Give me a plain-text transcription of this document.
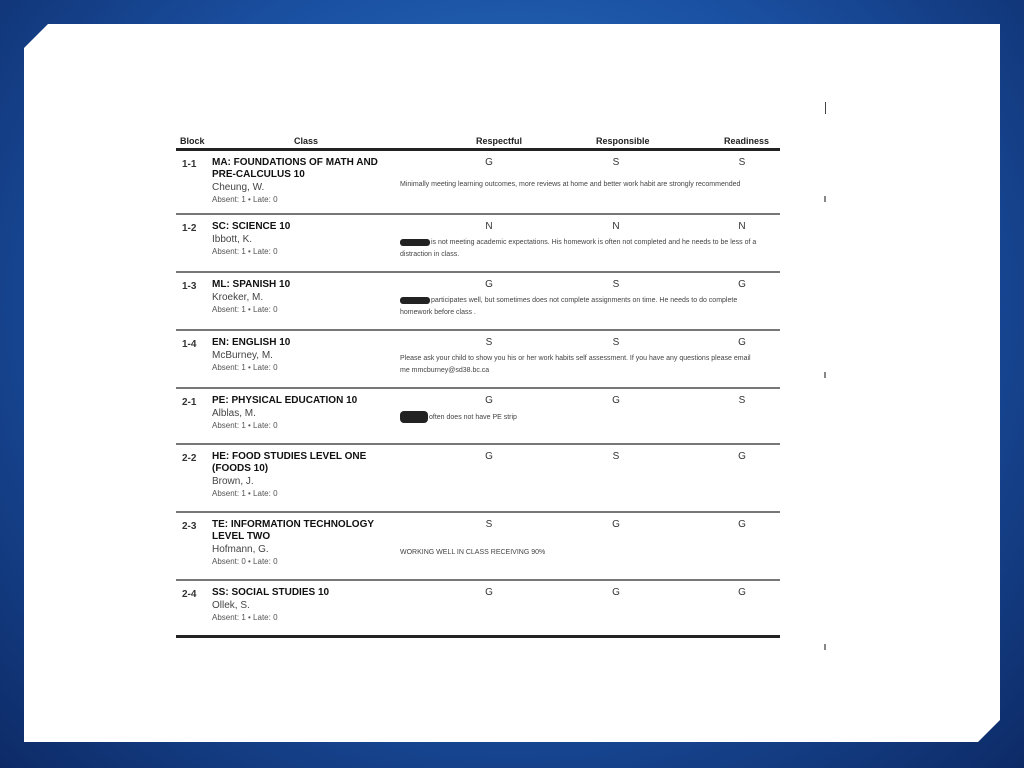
Block	Class	Respectful	Responsible	Readiness
1-1 MA: FOUNDATIONS OF MATH AND
PRE-CALCULUS 10
Cheung, W.
Absent: 1 • Late: 0
G	S	S
Minimally meeting learning outcomes, more reviews at home and better work habit are strongly recommended
1-2 SC: SCIENCE 10
Ibbott, K.
Absent: 1 • Late: 0
N	N	N
is not meeting academic expectations. His homework is often not completed and he needs to be less of a
distraction in class.
1-3 ML: SPANISH 10
Kroeker, M.
Absent: 1 • Late: 0
G	S	G
participates well, but sometimes does not complete assignments on time. He needs to do complete
homework before class .
1-4 EN: ENGLISH 10
McBurney, M.
Absent: 1 • Late: 0
S	S	G
Please ask your child to show you his or her work habits self assessment. If you have any questions please email
me mmcburney@sd38.bc.ca
2-1 PE: PHYSICAL EDUCATION 10
Alblas, M.
Absent: 1 • Late: 0
G	G	S
often does not have PE strip
2-2 HE: FOOD STUDIES LEVEL ONE
(FOODS 10)
Brown, J.
Absent: 1 • Late: 0
G	S	G
2-3 TE: INFORMATION TECHNOLOGY
LEVEL TWO
Hofmann, G.
Absent: 0 • Late: 0
S	G	G
WORKING WELL IN CLASS RECEIVING 90%
2-4 SS: SOCIAL STUDIES 10
Ollek, S.
Absent: 1 • Late: 0
G	G	G
